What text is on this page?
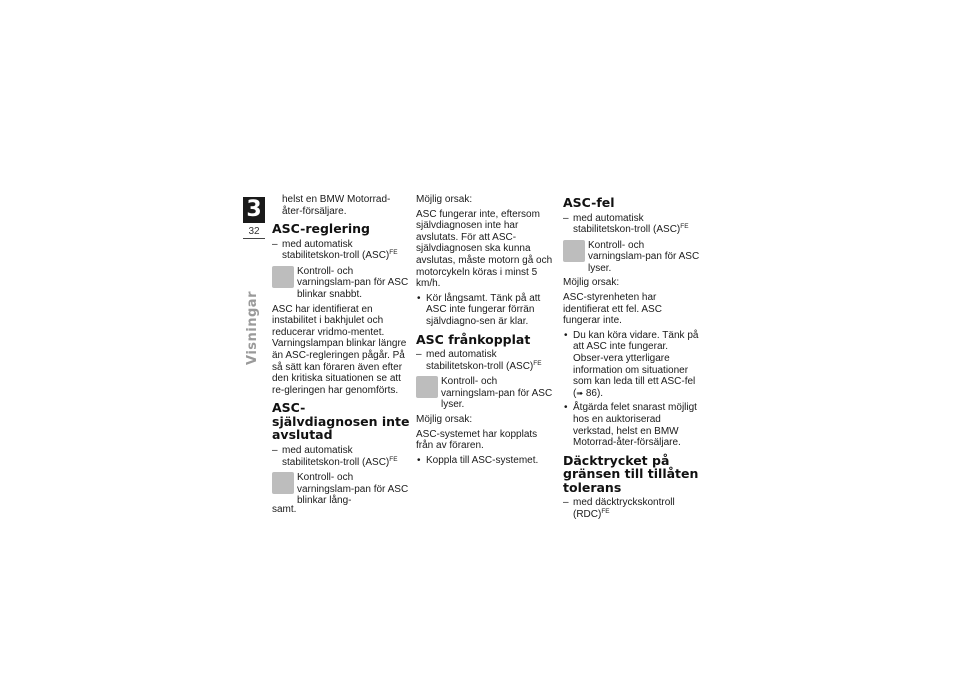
3
32
Visningar

helst en BMW Motorrad-åter-försäljare.

ASC-reglering

– med automatisk stabilitetskon-troll (ASC)$^{FE}$

Kontroll- och varningslam-pan för ASC blinkar snabbt.

ASC har identifierat en instabilitet i bakhjulet och reducerar vridmo-mentet. Varningslampan blinkar längre än ASC-regleringen pågår. På så sätt kan föraren även efter den kritiska situationen se att re-gleringen har genomförts.

ASC-självdiagnosen inte avslutad

– med automatisk stabilitetskon-troll (ASC)$^{FE}$

Kontroll- och varningslam-pan för ASC blinkar lång-

samt.

Möjlig orsak:

ASC fungerar inte, eftersom självdiagnosen inte har avslutats. För att ASC-självdiagnosen ska kunna avslutas, måste motorn gå och motorcykeln köras i minst 5 km/h.

• Kör långsamt. Tänk på att ASC inte fungerar förrän självdiagno-sen är klar.

ASC frånkopplat

– med automatisk stabilitetskon-troll (ASC)$^{FE}$

Kontroll- och varningslam-pan för ASC lyser.

Möjlig orsak:

ASC-systemet har kopplats från av föraren.

• Koppla till ASC-systemet.

ASC-fel

– med automatisk stabilitetskon-troll (ASC)$^{FE}$

Kontroll- och varningslam-pan för ASC lyser.

Möjlig orsak:

ASC-styrenheten har identifierat ett fel. ASC fungerar inte.

• Du kan köra vidare. Tänk på att ASC inte fungerar. Obser-vera ytterligare information om situationer som kan leda till ett ASC-fel (➠ 86).

• Åtgärda felet snarast möjligt hos en auktoriserad verkstad, helst en BMW Motorrad-åter-försäljare.

Däcktrycket på gränsen till tillåten tolerans

– med däcktryckskontroll (RDC)$^{FE}$
